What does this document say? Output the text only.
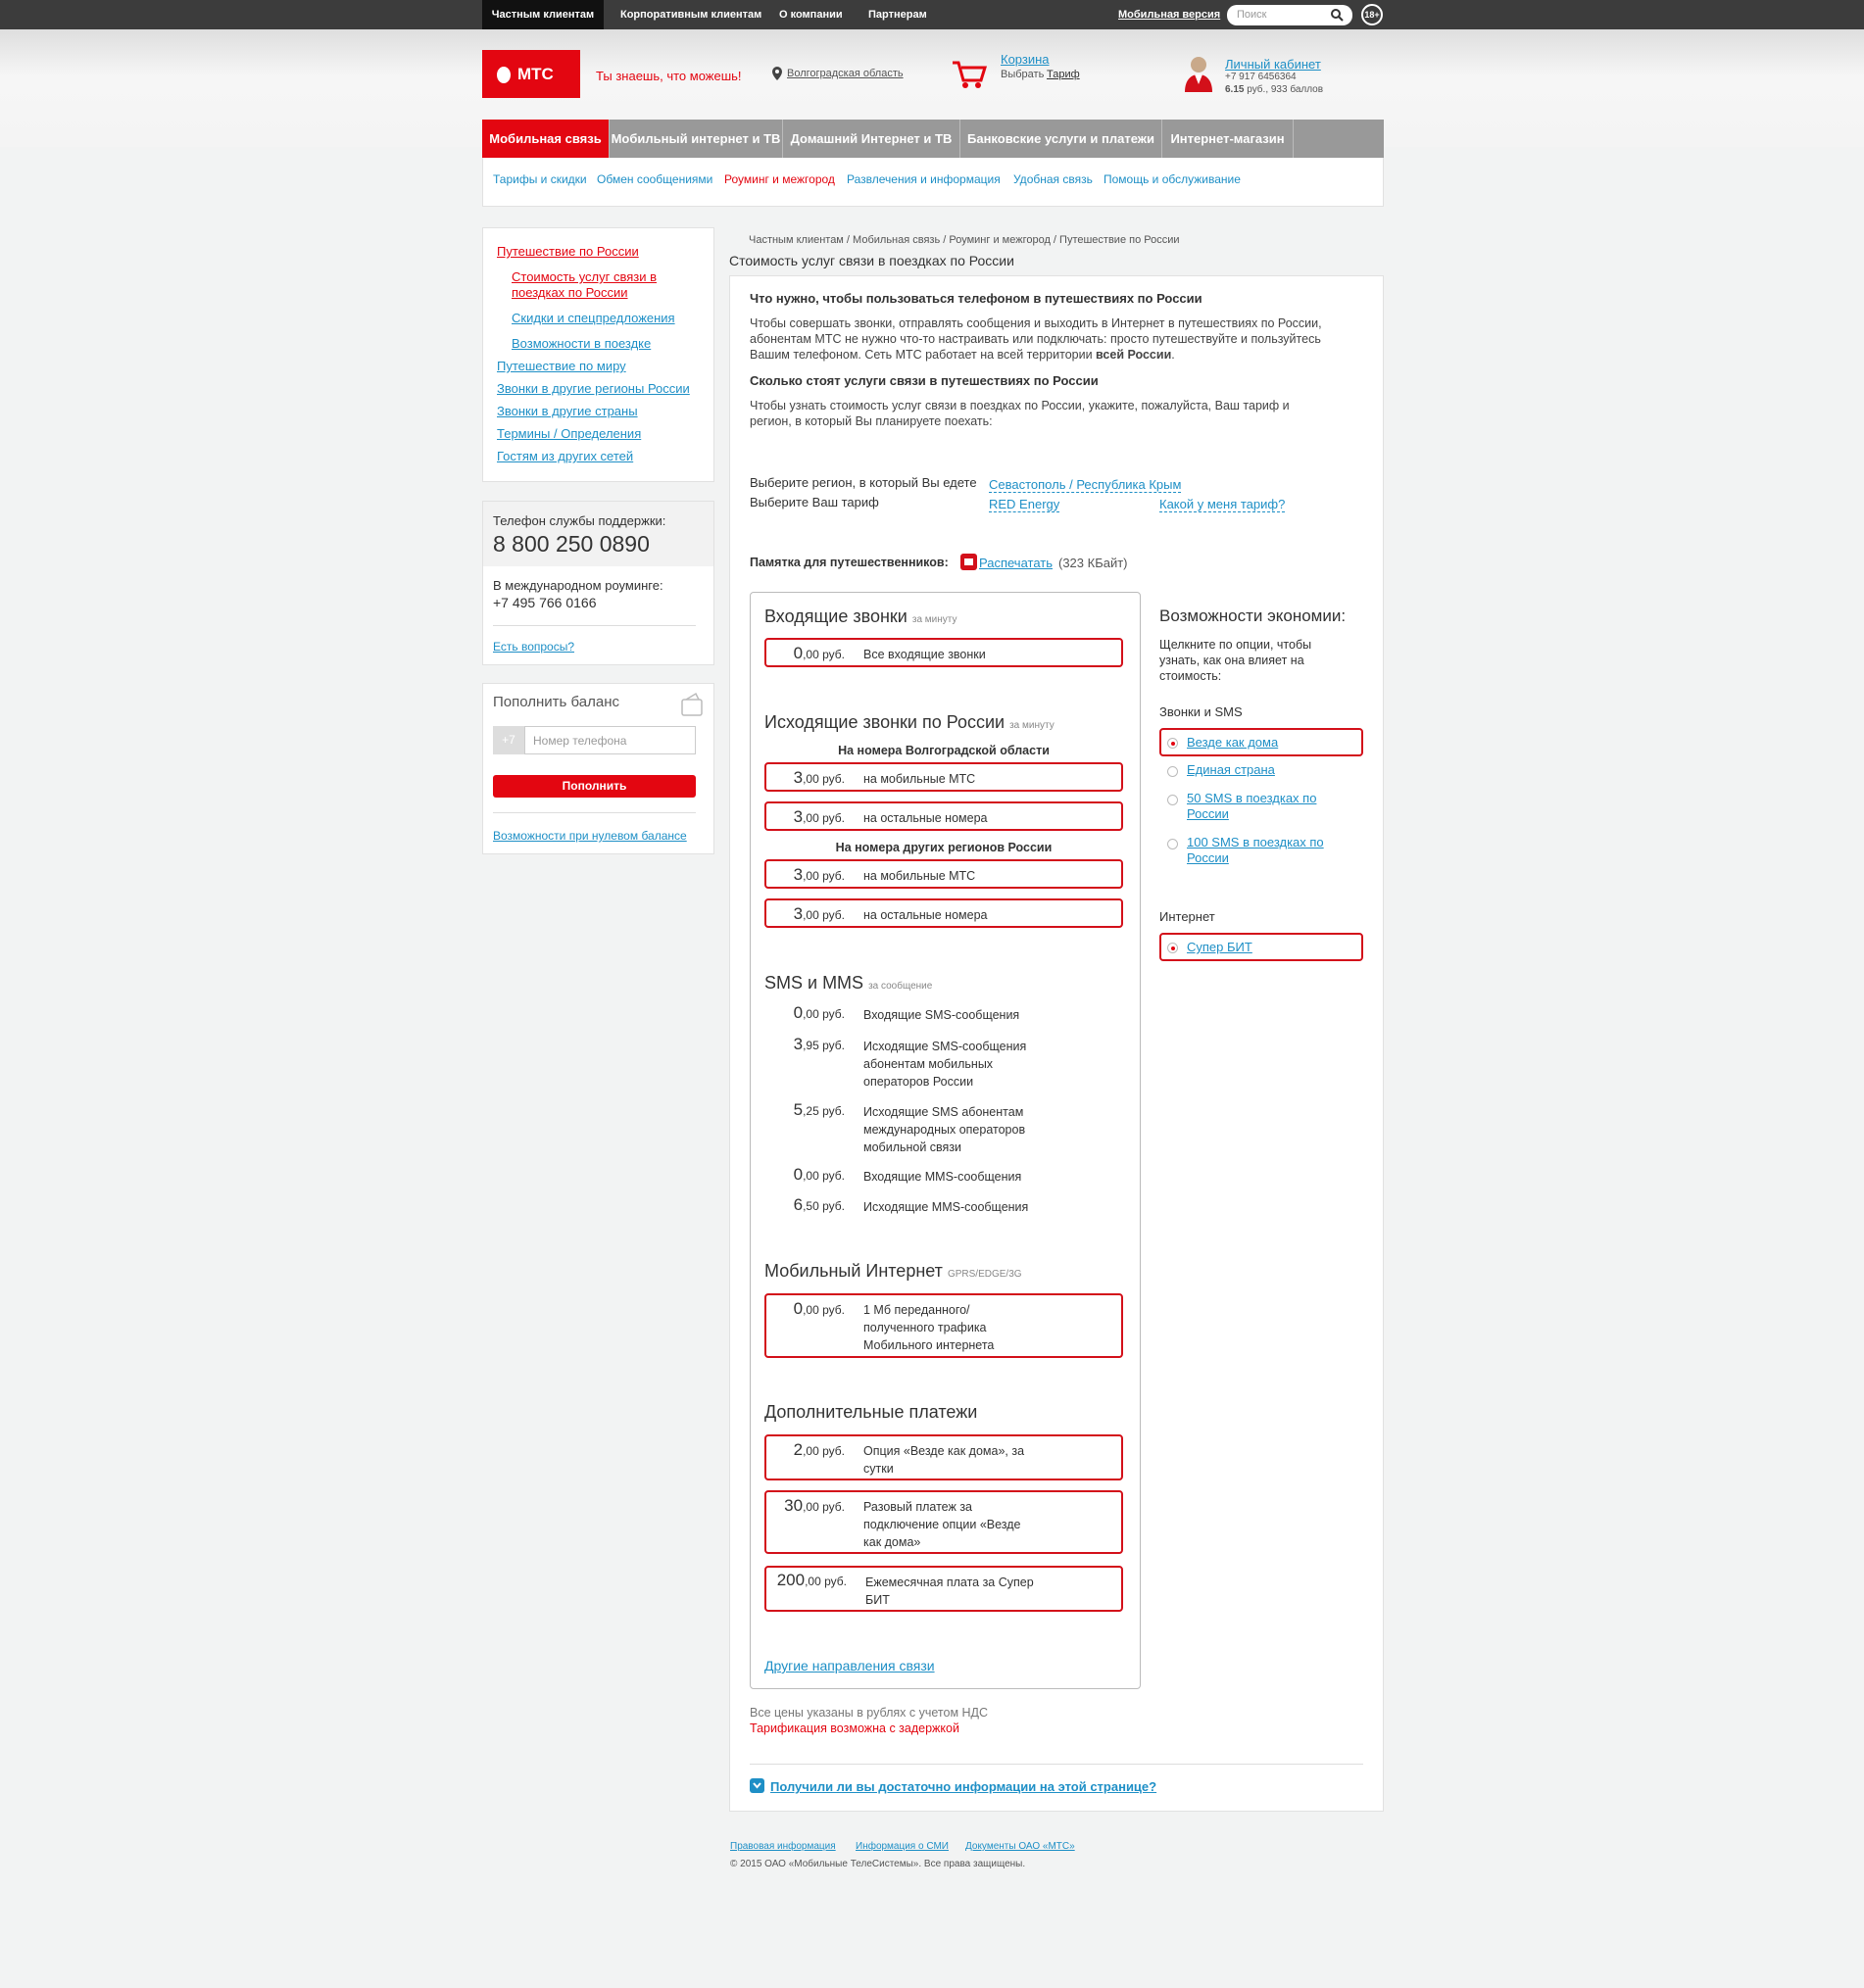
Частным клиентам	Корпоративным клиентам О компании Партнерам	Мобильная версия Поиск	18+
МТС	Ты знаешь, что можешь!	Волгоградская область
Корзина
Выбрать Тариф
Личный кабинет
+7 917 6456364
6.15 руб., 933 баллов
Мобильная связь Мобильный интернет и ТВ Домашний Интернет и ТВ	Банковские услуги и платежи	Интернет-магазин
Тарифы и скидки Обмен сообщениями Роуминг и межгород Развлечения и информация Удобная связь Помощь и обслуживание
Путешествие по России
Стоимость услуг связи в поездках по России
Скидки и спецпредложения
Возможности в поездке
Путешествие по миру
Звонки в другие регионы России
Звонки в другие страны
Термины / Определения
Гостям из других сетей
Телефон службы поддержки:
8 800 250 0890
В международном роуминге:
+7 495 766 0166
Есть вопросы?
Пополнить баланс
+7	Номер телефона
Пополнить
Возможности при нулевом балансе
Частным клиентам / Мобильная связь / Роуминг и межгород / Путешествие по России
Стоимость услуг связи в поездках по России
Что нужно, чтобы пользоваться телефоном в путешествиях по России
Чтобы совершать звонки, отправлять сообщения и выходить в Интернет в путешествиях по России,
абонентам МТС не нужно что-то настраивать или подключать: просто путешествуйте и пользуйтесь
Вашим телефоном. Сеть МТС работает на всей территории всей России.
Сколько стоят услуги связи в путешествиях по России
Чтобы узнать стоимость услуг связи в поездках по России, укажите, пожалуйста, Ваш тариф и
регион, в который Вы планируете поехать:
Выберите регион, в который Вы едете Севастополь / Республика Крым
Выберите Ваш тариф	RED Energy	Какой у меня тариф?
Памятка для путешественников: Распечатать (323 КБайт)
Входящие звонки за минуту
0,00 руб. Все входящие звонки
Исходящие звонки по России за минуту
На номера Волгоградской области
3,00 руб. на мобильные МТС
3,00 руб. на остальные номера
На номера других регионов России
3,00 руб. на мобильные МТС
3,00 руб. на остальные номера
SMS и MMS за сообщение
0,00 руб. Входящие SMS-сообщения
3,95 руб. Исходящие SMS-сообщения абонентам мобильных операторов России
5,25 руб. Исходящие SMS абонентам международных операторов мобильной связи
0,00 руб. Входящие MMS-сообщения
6,50 руб. Исходящие MMS-сообщения
Мобильный Интернет GPRS/EDGE/3G
0,00 руб. 1 Мб переданного/ полученного трафика Мобильного интернета
Дополнительные платежи
2,00 руб. Опция «Везде как дома», за сутки
30,00 руб. Разовый платеж за подключение опции «Везде как дома»
200,00 руб. Ежемесячная плата за Супер БИТ
Другие направления связи
Возможности экономии:
Щелкните по опции, чтобы узнать, как она влияет на стоимость:
Звонки и SMS
Везде как дома
Единая страна
50 SMS в поездках по России
100 SMS в поездках по России
Интернет
Супер БИТ
Все цены указаны в рублях с учетом НДС
Тарификация возможна с задержкой
Получили ли вы достаточно информации на этой странице?
Правовая информация Информация о СМИ Документы ОАО «МТС»
© 2015 ОАО «Мобильные ТелеСистемы». Все права защищены.
